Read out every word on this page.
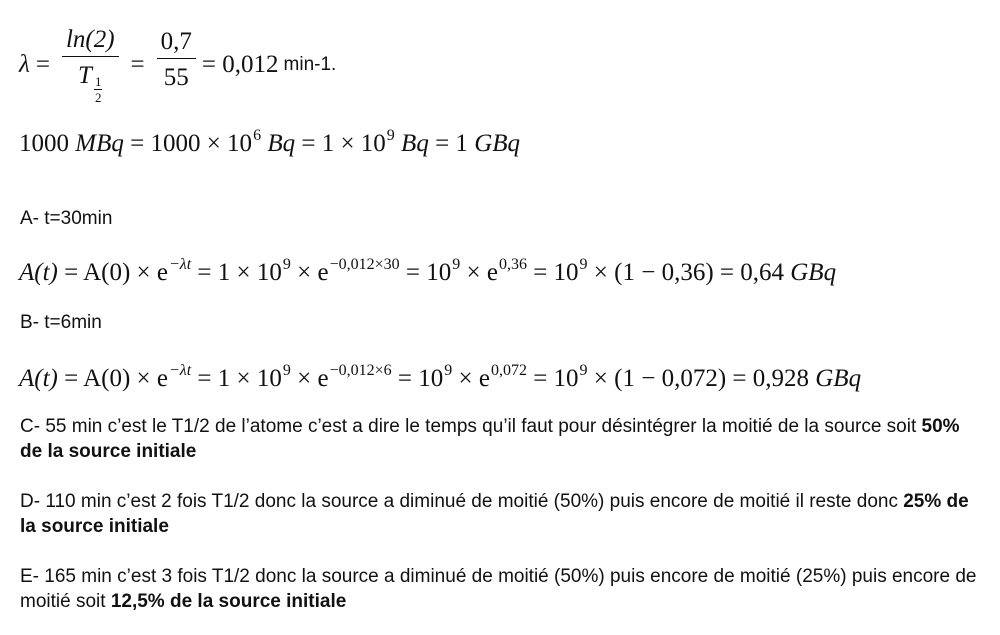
$\lambda = \frac{\ln(2)}{T \frac{1}{2}} = \frac{0,7}{55} = 0,012$ min-1.
1000 MBq = $1000 \times 10^6$ $Bq = 1 \times 10^9$ Bq = 1 GBq
A- t=30min
$A(t) = A(0) \times e^{-\lambda t} = 1 \times 10^9 \times e^{-0,012\times 30} = 10^9 \times e^{0,36} = 10^9 \times (1 - 0,36) = 0,64$ GBq
B- t=6min
$A(t) = A(0) \times e^{-\lambda t} = 1 \times 10^9 \times e^{-0,012\times 6} = 10^9 \times e^{0,072} = 10^9 \times (1 - 0,072) = 0,928$ GBq
C- 55 min c’est le T1/2 de l’atome c’est a dire le temps qu’il faut pour désintégrer la moitié de la source soit 50% de la source initiale
D- 110 min c’est 2 fois T1/2 donc la source a diminué de moitié (50%) puis encore de moitié il reste donc 25% de la source initiale
E- 165 min c’est 3 fois T1/2 donc la source a diminué de moitié (50%) puis encore de moitié (25%) puis encore de moitié soit 12,5% de la source initiale
